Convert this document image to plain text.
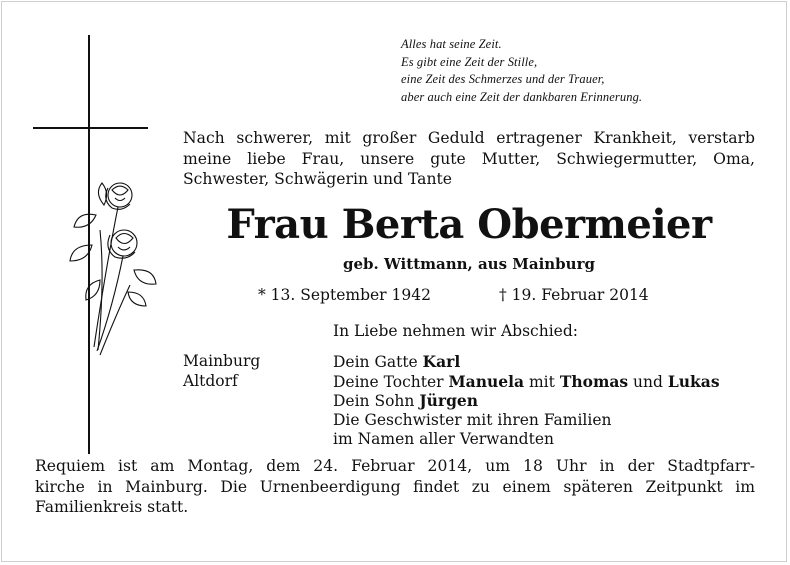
Alles hat seine Zeit.
Es gibt eine Zeit der Stille,
eine Zeit des Schmerzes und der Trauer,
aber auch eine Zeit der dankbaren Erinnerung.
Nach schwerer, mit großer Geduld ertragener Krankheit, verstarb
meine liebe Frau, unsere gute Mutter, Schwiegermutter, Oma,
Schwester, Schwägerin und Tante
Frau Berta Obermeier
geb. Wittmann, aus Mainburg
* 13. September 1942	† 19. Februar 2014
In Liebe nehmen wir Abschied:
Mainburg
Altdorf
Dein Gatte Karl
Deine Tochter Manuela mit Thomas und Lukas
Dein Sohn Jürgen
Die Geschwister mit ihren Familien
im Namen aller Verwandten
Requiem ist am Montag, dem 24. Februar 2014, um 18 Uhr in der Stadtpfarr-
kirche in Mainburg. Die Urnenbeerdigung findet zu einem späteren Zeitpunkt im
Familienkreis statt.
